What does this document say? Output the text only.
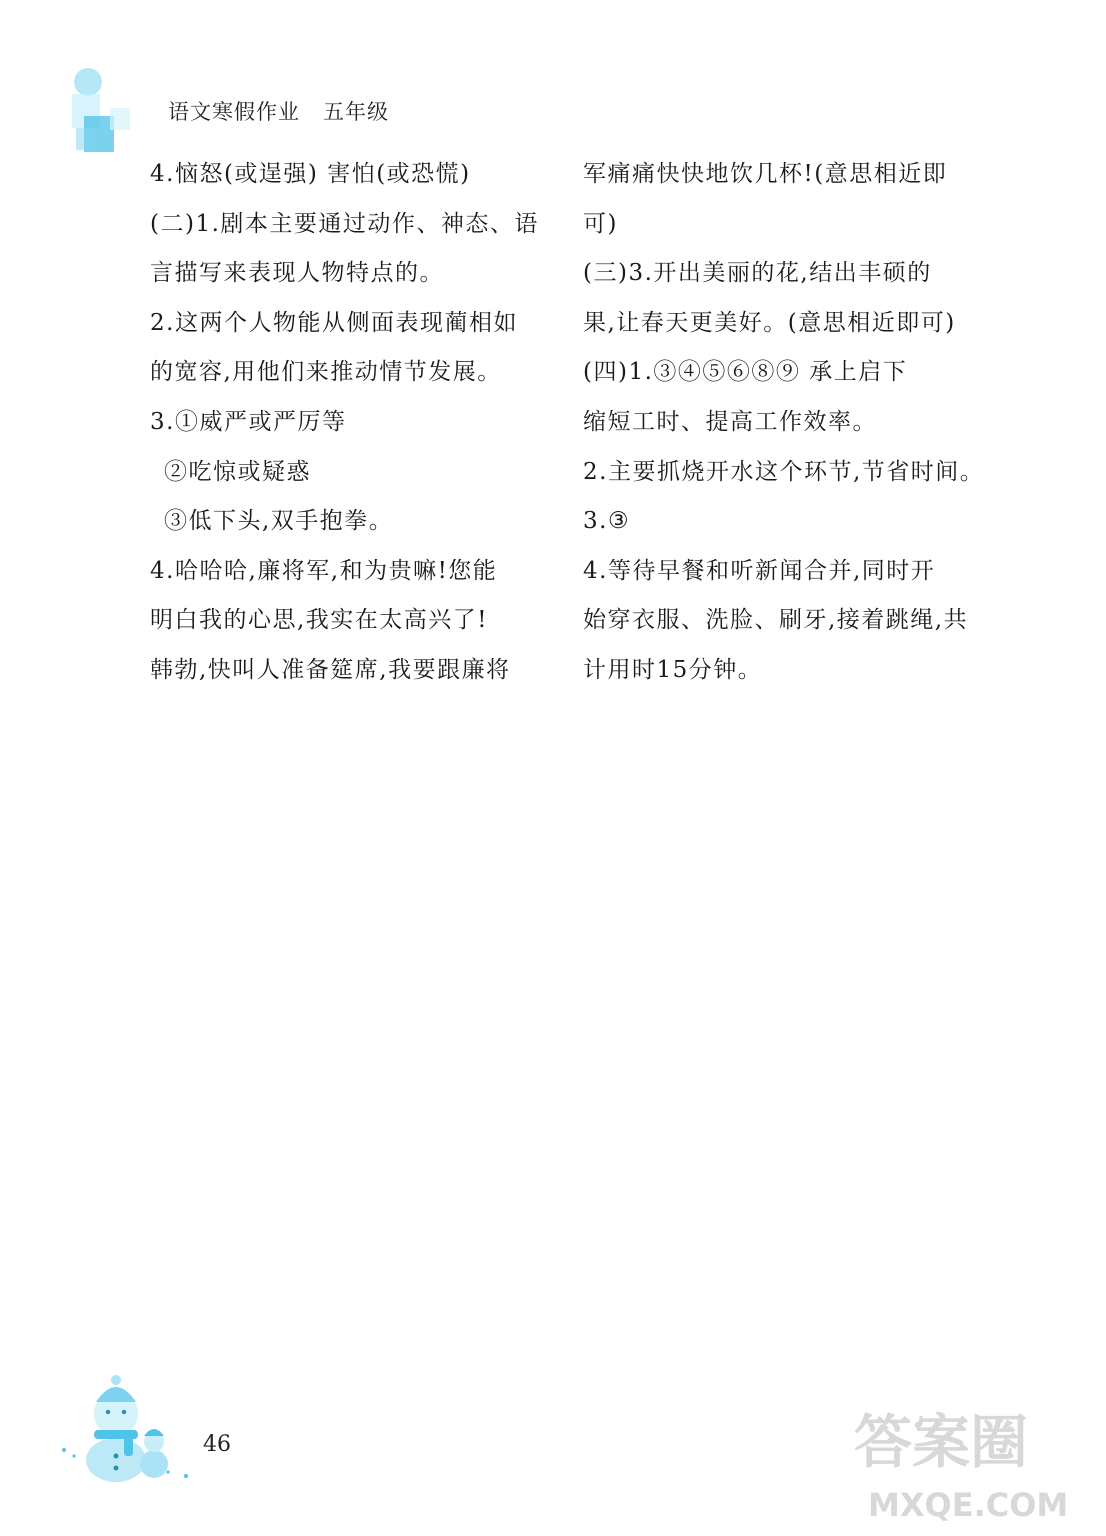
语文寒假作业   五年级
4.恼怒(或逞强) 害怕(或恐慌)
(二)1.剧本主要通过动作、神态、语
言描写来表现人物特点的。
2.这两个人物能从侧面表现蔺相如
的宽容,用他们来推动情节发展。
3.①威严或严厉等
②吃惊或疑惑
③低下头,双手抱拳。
4.哈哈哈,廉将军,和为贵嘛!您能
明白我的心思,我实在太高兴了!
韩勃,快叫人准备筵席,我要跟廉将
军痛痛快快地饮几杯!(意思相近即
可)
(三)3.开出美丽的花,结出丰硕的
果,让春天更美好。(意思相近即可)
(四)1.③④⑤⑥⑧⑨ 承上启下
缩短工时、提高工作效率。
2.主要抓烧开水这个环节,节省时间。
3.③
4.等待早餐和听新闻合并,同时开
始穿衣服、洗脸、刷牙,接着跳绳,共
计用时15分钟。
46	答案圈
MXQE.COM
